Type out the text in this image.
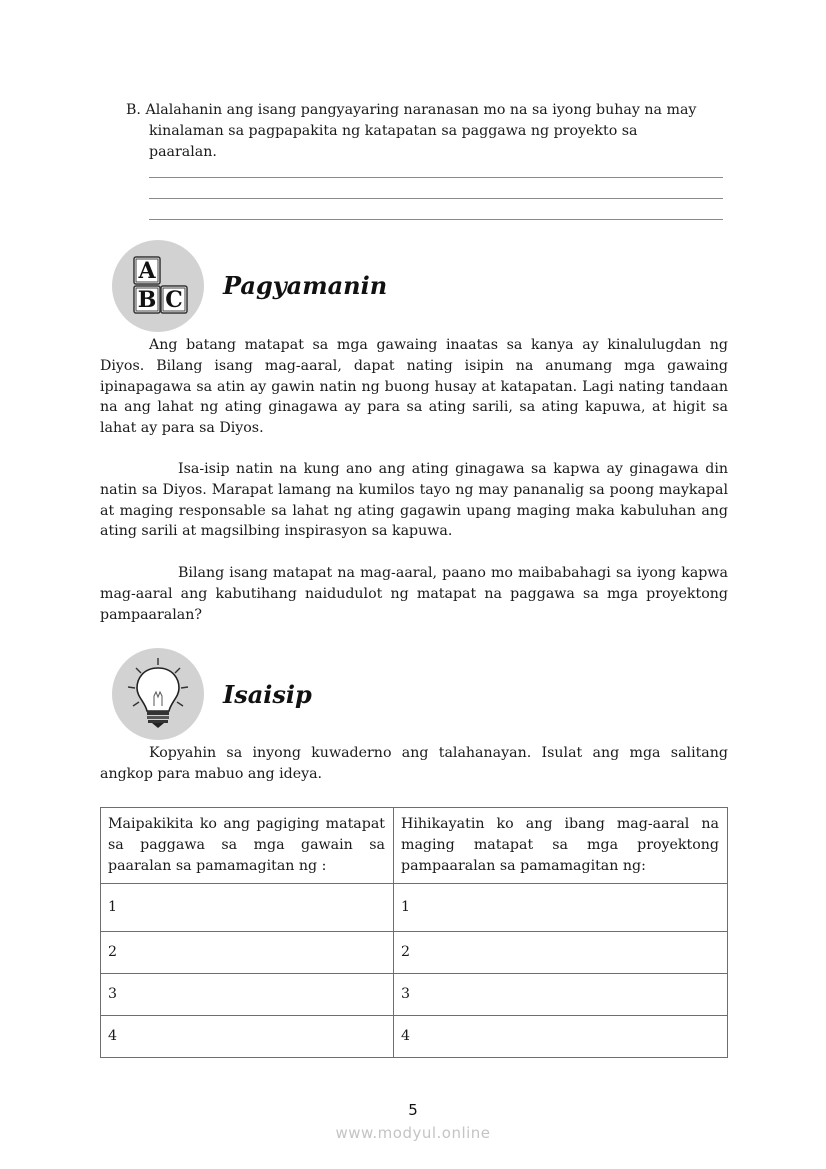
B. Alalahanin ang isang pangyayaring naranasan mo na sa iyong buhay na may
kinalaman sa pagpapakita ng katapatan sa paggawa ng proyekto sa
paaralan.
A
B C Pagyamanin

Ang batang matapat sa mga gawaing inaatas sa kanya ay kinalulugdan ng Diyos. Bilang isang mag-aaral, dapat nating isipin na anumang mga gawaing ipinapagawa sa atin ay gawin natin ng buong husay at katapatan. Lagi nating tandaan na ang lahat ng ating ginagawa ay para sa ating sarili, sa ating kapuwa, at higit sa lahat ay para sa Diyos.

Isa-isip natin na kung ano ang ating ginagawa sa kapwa ay ginagawa din natin sa Diyos. Marapat lamang na kumilos tayo ng may pananalig sa poong maykapal at maging responsable sa lahat ng ating gagawin upang maging maka kabuluhan ang ating sarili at magsilbing inspirasyon sa kapuwa.

Bilang isang matapat na mag-aaral, paano mo maibabahagi sa iyong kapwa mag-aaral ang kabutihang naidudulot ng matapat na paggawa sa mga proyektong pampaaralan?

Isaisip

Kopyahin sa inyong kuwaderno ang talahanayan. Isulat ang mga salitang angkop para mabuo ang ideya.

Maipakikita ko ang pagiging matapat sa paggawa sa mga gawain sa paaralan sa pamamagitan ng :	Hihikayatin ko ang ibang mag-aaral na maging matapat sa mga proyektong pampaaralan sa pamamagitan ng:
1	1
2	2
3	3
4	4
5
www.modyul.online
